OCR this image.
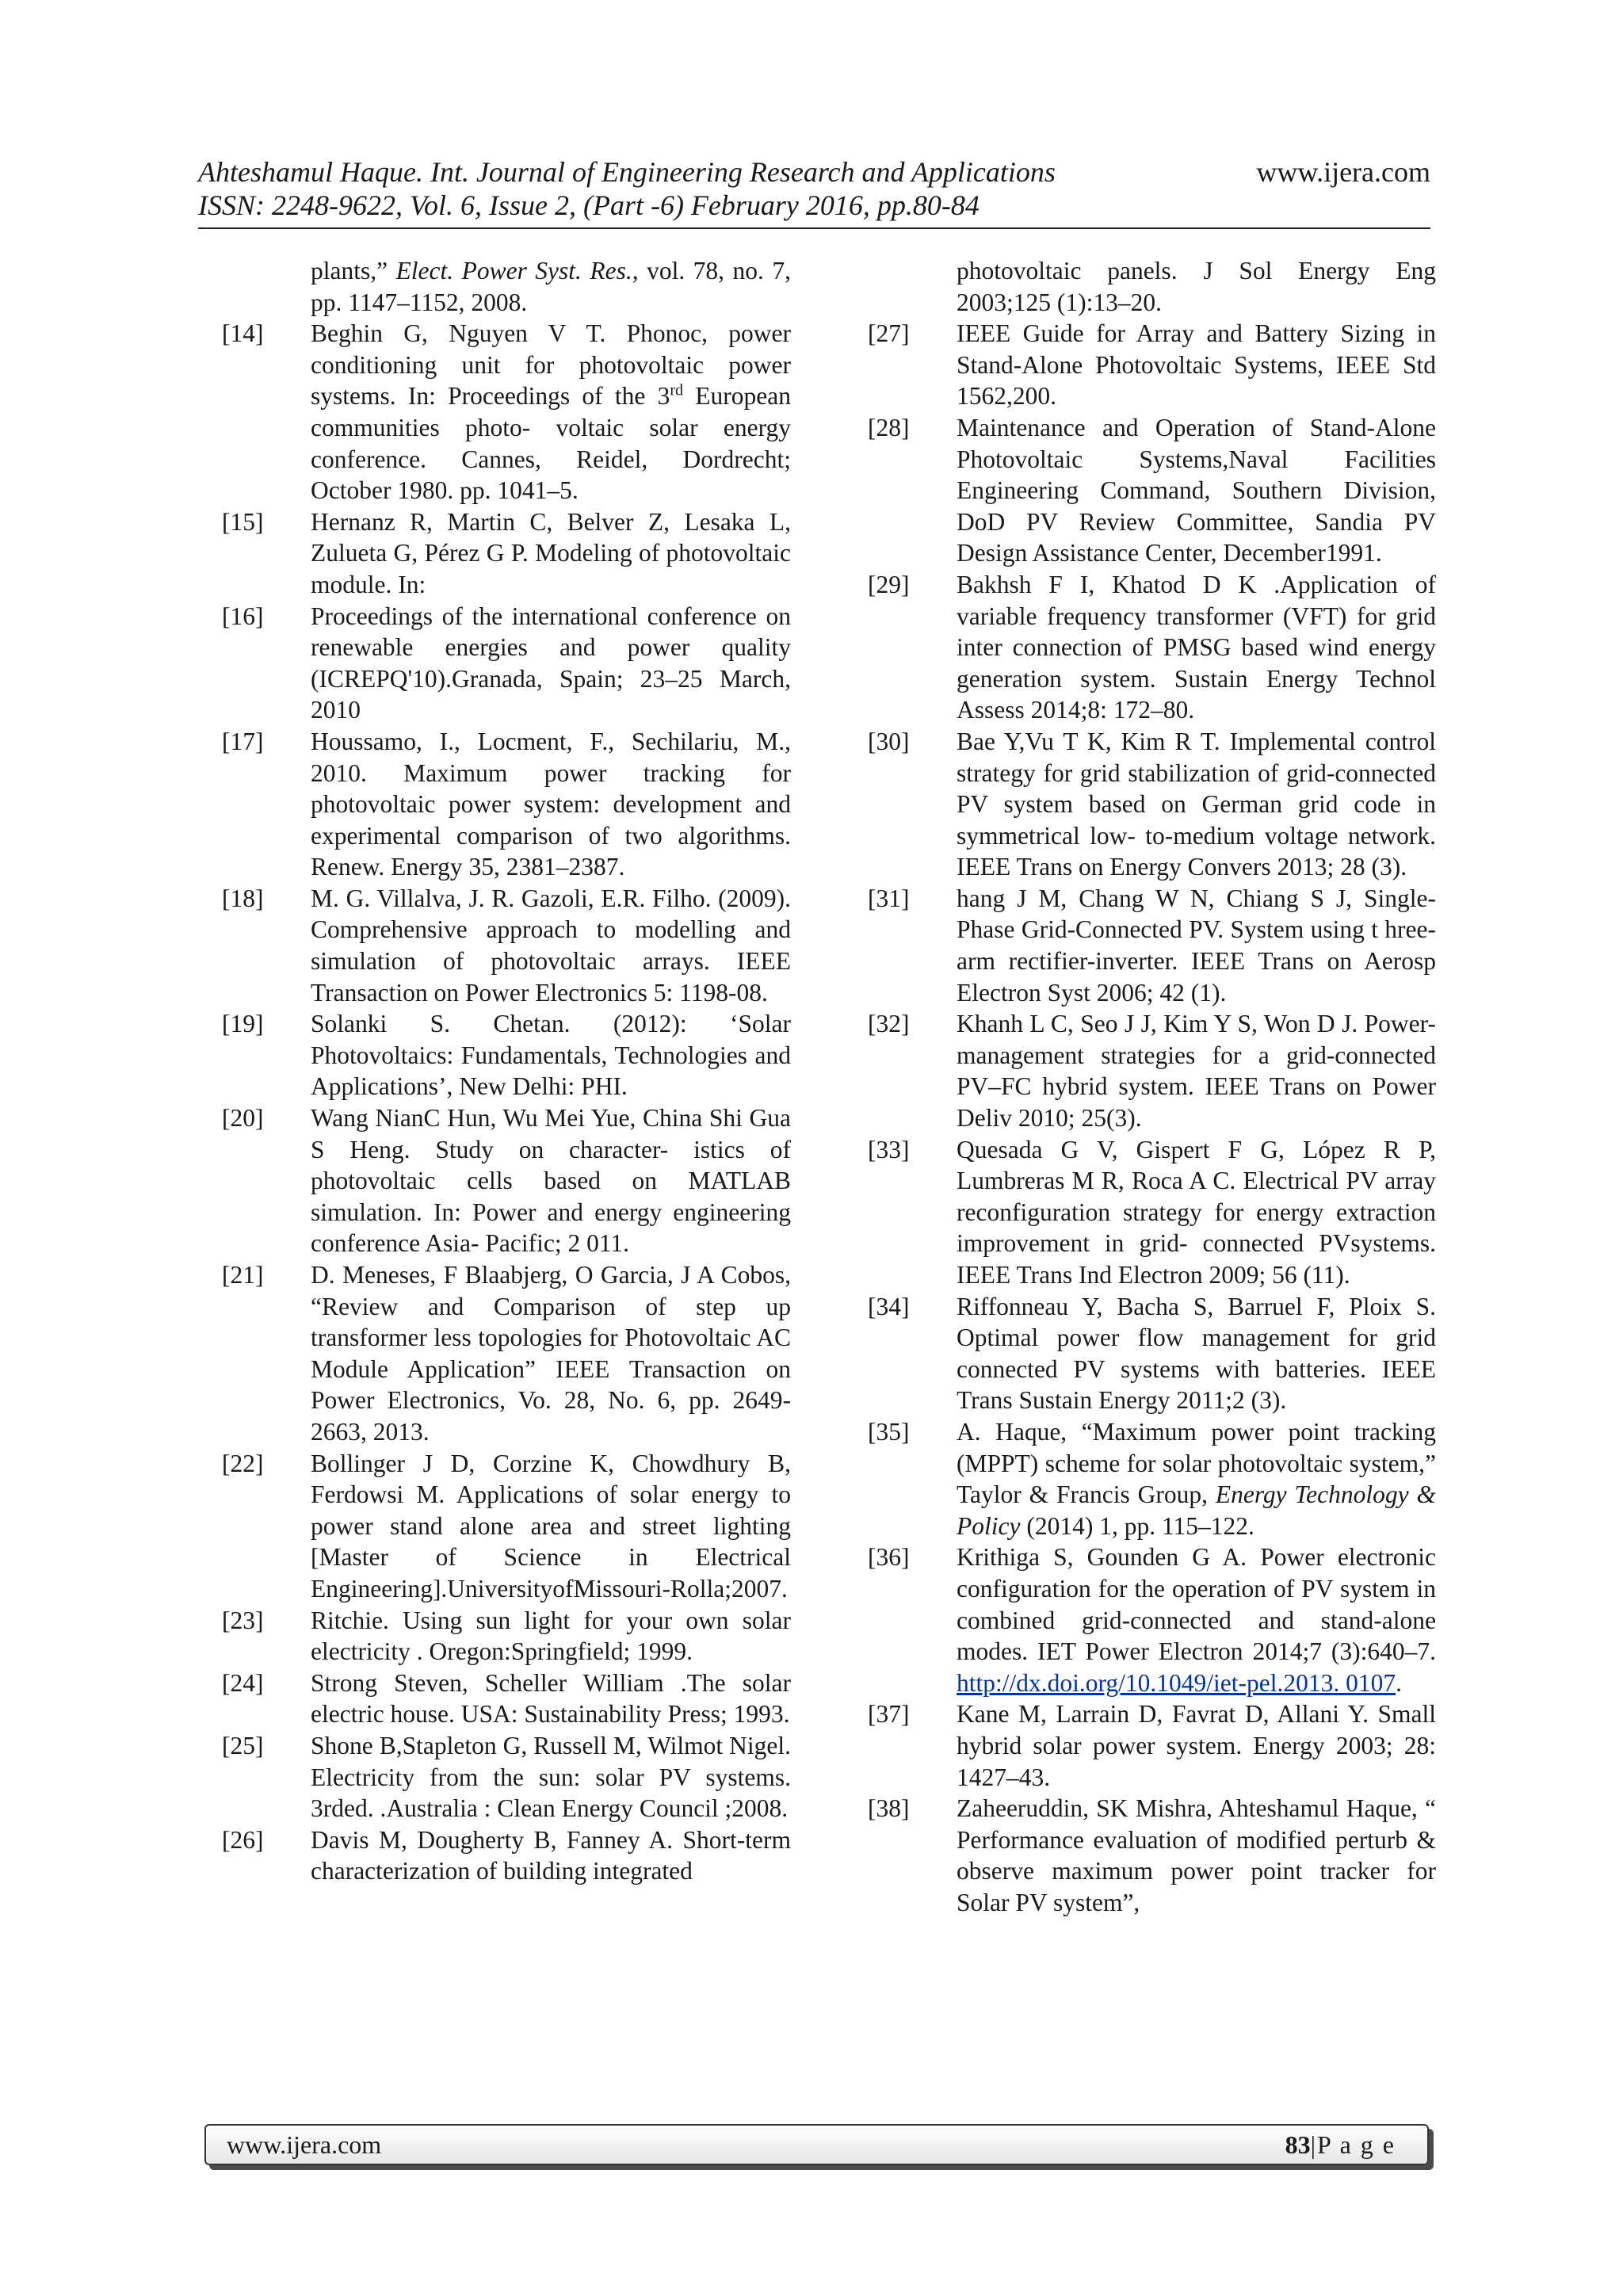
Ahteshamul Haque. Int. Journal of Engineering Research and Applications	www.ijera.com
ISSN: 2248-9622, Vol. 6, Issue 2, (Part -6) February 2016, pp.80-84
plants,” Elect. Power Syst. Res., vol. 78, no. 7, pp. 1147–1152, 2008.
[14]	Beghin G, Nguyen V T. Phonoc, power conditioning unit for photovoltaic power systems. In: Proceedings of the 3rd European communities photo- voltaic solar energy conference. Cannes, Reidel, Dordrecht; October 1980. pp. 1041–5.
[15]	Hernanz R, Martin C, Belver Z, Lesaka L, Zulueta G, Pérez G P. Modeling of photovoltaic module. In:
[16]	Proceedings of the international conference on renewable energies and power quality (ICREPQ'10).Granada, Spain; 23–25 March, 2010
[17]	Houssamo, I., Locment, F., Sechilariu, M., 2010. Maximum power tracking for photovoltaic power system: development and experimental comparison of two algorithms. Renew. Energy 35, 2381–2387.
[18]	M. G. Villalva, J. R. Gazoli, E.R. Filho. (2009). Comprehensive approach to modelling and simulation of photovoltaic arrays. IEEE Transaction on Power Electronics 5: 1198-08.
[19]	Solanki S. Chetan. (2012): ‘Solar Photovoltaics: Fundamentals, Technologies and Applications’, New Delhi: PHI.
[20]	Wang NianC Hun, Wu Mei Yue, China Shi Gua S Heng. Study on character- istics of photovoltaic cells based on MATLAB simulation. In: Power and energy engineering conference Asia- Pacific; 2 011.
[21]	D. Meneses, F Blaabjerg, O Garcia, J A Cobos, “Review and Comparison of step up transformer less topologies for Photovoltaic AC Module Application” IEEE Transaction on Power Electronics, Vo. 28, No. 6, pp. 2649-2663, 2013.
[22]	Bollinger J D, Corzine K, Chowdhury B, Ferdowsi M. Applications of solar energy to power stand alone area and street lighting [Master of Science in Electrical Engineering].UniversityofMissouri-Rolla;2007.
[23]	Ritchie. Using sun light for your own solar electricity . Oregon:Springfield; 1999.
[24]	Strong Steven, Scheller William .The solar electric house. USA: Sustainability Press; 1993.
[25]	Shone B,Stapleton G, Russell M, Wilmot Nigel. Electricity from the sun: solar PV systems. 3rded. .Australia : Clean Energy Council ;2008.
[26]	Davis M, Dougherty B, Fanney A. Short-term characterization of building integrated
photovoltaic panels. J Sol Energy Eng 2003;125 (1):13–20.
[27]	IEEE Guide for Array and Battery Sizing in Stand-Alone Photovoltaic Systems, IEEE Std 1562,200.
[28]	Maintenance and Operation of Stand-Alone Photovoltaic Systems,Naval Facilities Engineering Command, Southern Division, DoD PV Review Committee, Sandia PV Design Assistance Center, December1991.
[29]	Bakhsh F I, Khatod D K .Application of variable frequency transformer (VFT) for grid inter connection of PMSG based wind energy generation system. Sustain Energy Technol Assess 2014;8: 172–80.
[30]	Bae Y,Vu T K, Kim R T. Implemental control strategy for grid stabilization of grid-connected PV system based on German grid code in symmetrical low- to-medium voltage network. IEEE Trans on Energy Convers 2013; 28 (3).
[31]	hang J M, Chang W N, Chiang S J, Single-Phase Grid-Connected PV. System using t hree-arm rectifier-inverter. IEEE Trans on Aerosp Electron Syst 2006; 42 (1).
[32]	Khanh L C, Seo J J, Kim Y S, Won D J. Power-management strategies for a grid-connected PV–FC hybrid system. IEEE Trans on Power Deliv 2010; 25(3).
[33]	Quesada G V, Gispert F G, López R P, Lumbreras M R, Roca A C. Electrical PV array reconfiguration strategy for energy extraction improvement in grid- connected PVsystems. IEEE Trans Ind Electron 2009; 56 (11).
[34]	Riffonneau Y, Bacha S, Barruel F, Ploix S. Optimal power flow management for grid connected PV systems with batteries. IEEE Trans Sustain Energy 2011;2 (3).
[35]	A. Haque, “Maximum power point tracking (MPPT) scheme for solar photovoltaic system,” Taylor & Francis Group, Energy Technology & Policy (2014) 1, pp. 115–122.
[36]	Krithiga S, Gounden G A. Power electronic configuration for the operation of PV system in combined grid-connected and stand-alone modes. IET Power Electron 2014;7 (3):640–7. http://dx.doi.org/10.1049/iet-pel.2013. 0107.
[37]	Kane M, Larrain D, Favrat D, Allani Y. Small hybrid solar power system. Energy 2003; 28: 1427–43.
[38]	Zaheeruddin, SK Mishra, Ahteshamul Haque, “ Performance evaluation of modified perturb & observe maximum power point tracker for Solar PV system”,
www.ijera.com	83|P a g e
